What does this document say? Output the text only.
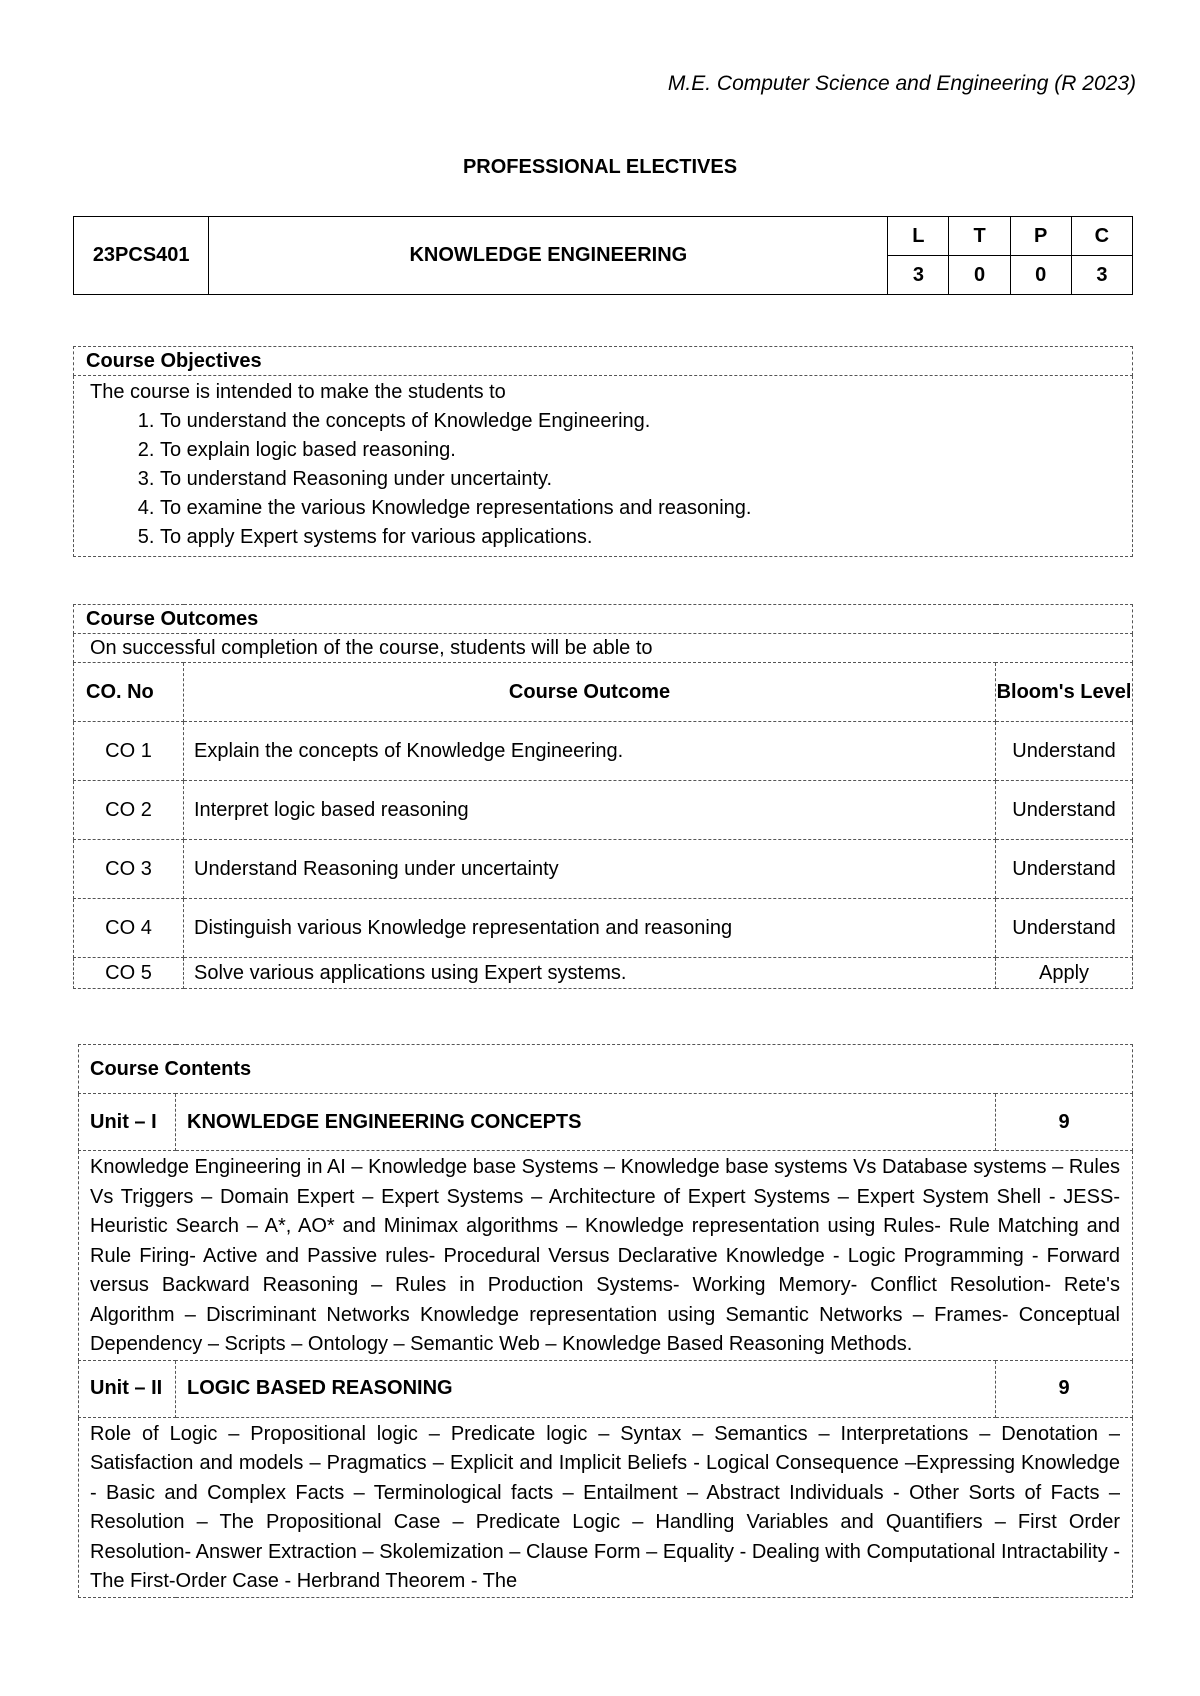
M.E. Computer Science and Engineering (R 2023)
PROFESSIONAL ELECTIVES
23PCS401	KNOWLEDGE ENGINEERING	L	T	P	C
		3	0	0	3
Course Objectives

The course is intended to make the students to
1. To understand the concepts of Knowledge Engineering.
2. To explain logic based reasoning.
3. To understand Reasoning under uncertainty.
4. To examine the various Knowledge representations and reasoning.
5. To apply Expert systems for various applications.
Course Outcomes		
On successful completion of the course, students will be able to		
CO. No	Course Outcome	Bloom's Level
CO 1	Explain the concepts of Knowledge Engineering.	Understand
CO 2	Interpret logic based reasoning	Understand
CO 3	Understand Reasoning under uncertainty	Understand
CO 4	Distinguish various Knowledge representation and reasoning	Understand
CO 5	Solve various applications using Expert systems.	Apply
Course Contents		
Unit – I	KNOWLEDGE ENGINEERING CONCEPTS	9
Knowledge Engineering in AI – Knowledge base Systems – Knowledge base systems Vs Database systems – Rules Vs Triggers – Domain Expert – Expert Systems – Architecture of Expert Systems – Expert System Shell - JESS- Heuristic Search – A*, AO* and Minimax algorithms – Knowledge representation using Rules- Rule Matching and Rule Firing- Active and Passive rules- Procedural Versus Declarative Knowledge - Logic Programming - Forward versus Backward Reasoning – Rules in Production Systems- Working Memory- Conflict Resolution- Rete's Algorithm – Discriminant Networks Knowledge representation using Semantic Networks – Frames- Conceptual Dependency – Scripts – Ontology – Semantic Web – Knowledge Based Reasoning Methods.		
Unit – II	LOGIC BASED REASONING	9
Role of Logic – Propositional logic – Predicate logic – Syntax – Semantics – Interpretations – Denotation – Satisfaction and models – Pragmatics – Explicit and Implicit Beliefs - Logical Consequence –Expressing Knowledge - Basic and Complex Facts – Terminological facts – Entailment – Abstract Individuals - Other Sorts of Facts – Resolution – The Propositional Case – Predicate Logic – Handling Variables and Quantifiers – First Order Resolution- Answer Extraction – Skolemization – Clause Form – Equality - Dealing with Computational Intractability - The First-Order Case - Herbrand Theorem - The		
